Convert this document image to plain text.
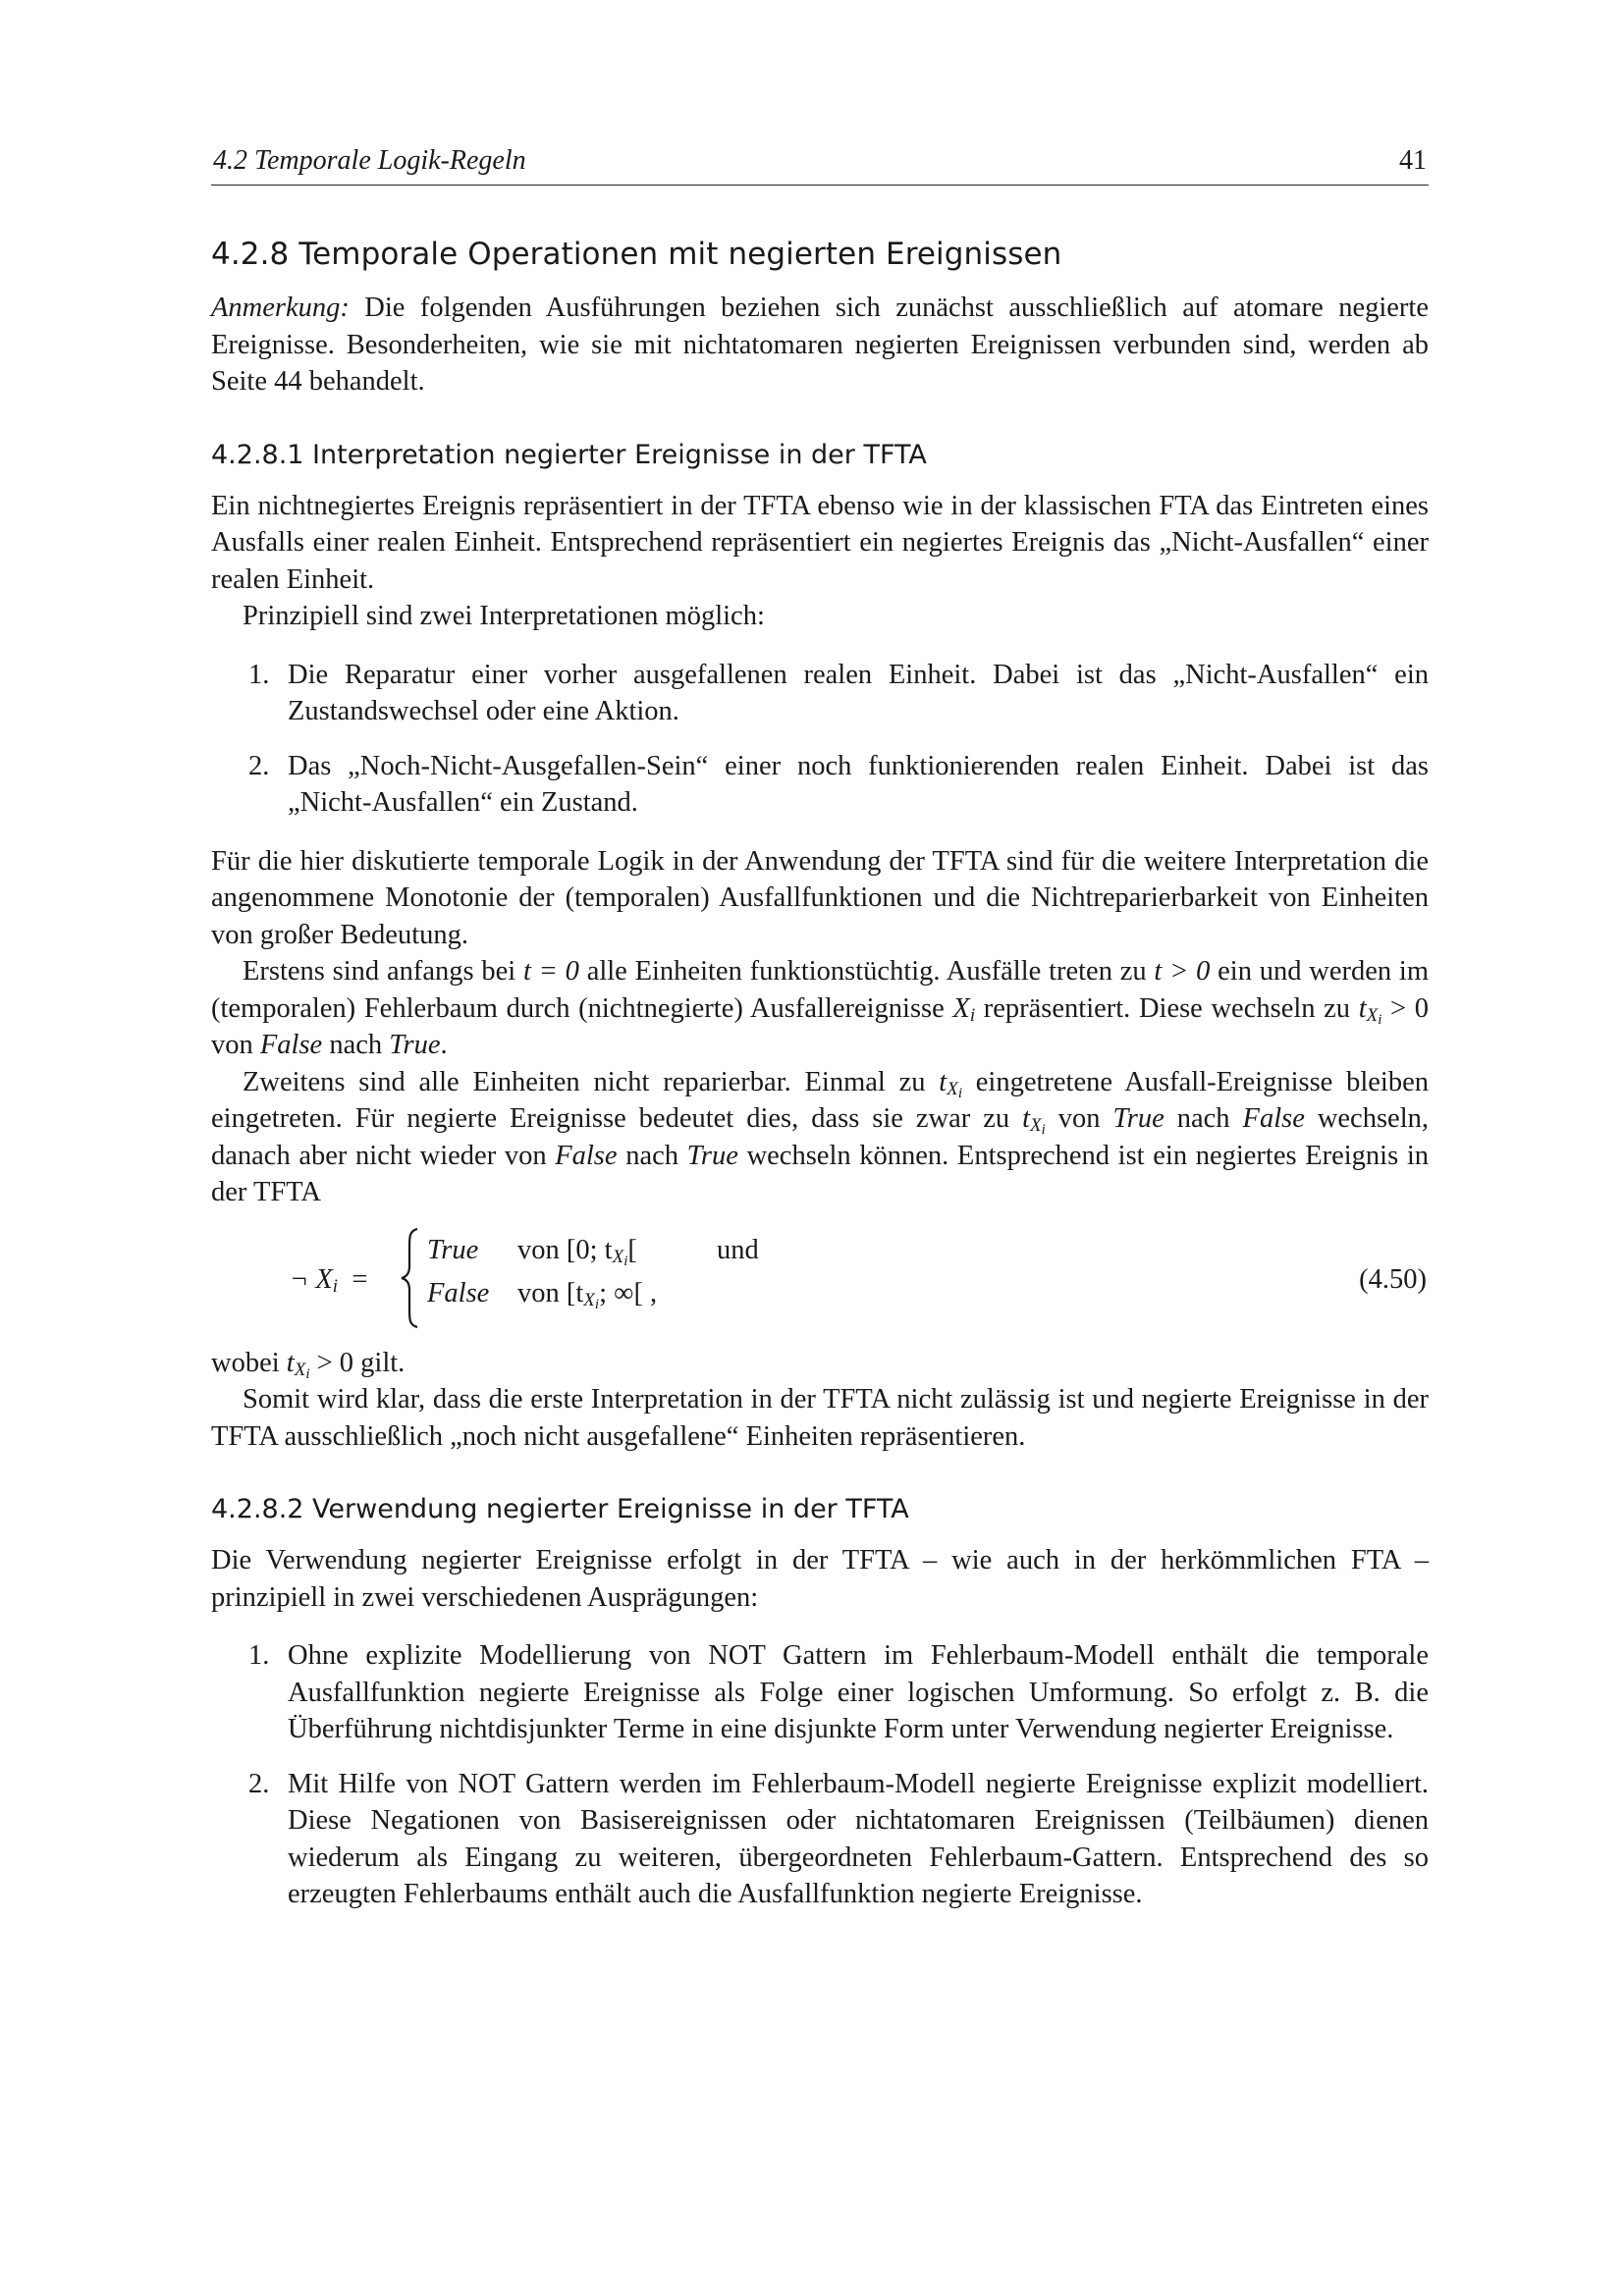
4.2 Temporale Logik-Regeln	41
4.2.8 Temporale Operationen mit negierten Ereignissen

Anmerkung: Die folgenden Ausführungen beziehen sich zunächst ausschließlich auf atomare negierte Ereignisse. Besonderheiten, wie sie mit nichtatomaren negierten Ereignissen verbunden sind, werden ab Seite 44 behandelt.

4.2.8.1 Interpretation negierter Ereignisse in der TFTA

Ein nichtnegiertes Ereignis repräsentiert in der TFTA ebenso wie in der klassischen FTA das Eintreten eines Ausfalls einer realen Einheit. Entsprechend repräsentiert ein negiertes Ereignis das „Nicht-Ausfallen“ einer realen Einheit.

Prinzipiell sind zwei Interpretationen möglich:

1. Die Reparatur einer vorher ausgefallenen realen Einheit. Dabei ist das „Nicht-Ausfallen“ ein Zustandswechsel oder eine Aktion.
2. Das „Noch-Nicht-Ausgefallen-Sein“ einer noch funktionierenden realen Einheit. Dabei ist das „Nicht-Ausfallen“ ein Zustand.

Für die hier diskutierte temporale Logik in der Anwendung der TFTA sind für die weitere Interpretation die angenommene Monotonie der (temporalen) Ausfallfunktionen und die Nichtreparierbarkeit von Einheiten von großer Bedeutung.

Erstens sind anfangs bei t = 0 alle Einheiten funktionstüchtig. Ausfälle treten zu t > 0 ein und werden im (temporalen) Fehlerbaum durch (nichtnegierte) Ausfallereignisse $X_i$ repräsentiert. Diese wechseln zu $t_{X_i} > 0$ von False nach True.

Zweitens sind alle Einheiten nicht reparierbar. Einmal zu $t_{X_i}$ eingetretene Ausfall-Ereignisse bleiben eingetreten. Für negierte Ereignisse bedeutet dies, dass sie zwar zu $t_{X_i}$ von True nach False wechseln, danach aber nicht wieder von False nach True wechseln können. Entsprechend ist ein negiertes Ereignis in der TFTA

¬ $X_i$ =
True von [0; $t_{X_i}$[	und
False von [$t_{X_i}$; ∞[ ,	(4.50)

wobei $t_{X_i} > 0$ gilt.

Somit wird klar, dass die erste Interpretation in der TFTA nicht zulässig ist und negierte Ereignisse in der TFTA ausschließlich „noch nicht ausgefallene“ Einheiten repräsentieren.

4.2.8.2 Verwendung negierter Ereignisse in der TFTA

Die Verwendung negierter Ereignisse erfolgt in der TFTA – wie auch in der herkömmlichen FTA – prinzipiell in zwei verschiedenen Ausprägungen:

1. Ohne explizite Modellierung von NOT Gattern im Fehlerbaum-Modell enthält die temporale Ausfallfunktion negierte Ereignisse als Folge einer logischen Umformung. So erfolgt z. B. die Überführung nichtdisjunkter Terme in eine disjunkte Form unter Verwendung negierter Ereignisse.
2. Mit Hilfe von NOT Gattern werden im Fehlerbaum-Modell negierte Ereignisse explizit modelliert. Diese Negationen von Basisereignissen oder nichtatomaren Ereignissen (Teilbäumen) dienen wiederum als Eingang zu weiteren, übergeordneten Fehlerbaum-Gattern. Entsprechend des so erzeugten Fehlerbaums enthält auch die Ausfallfunktion negierte Ereignisse.
